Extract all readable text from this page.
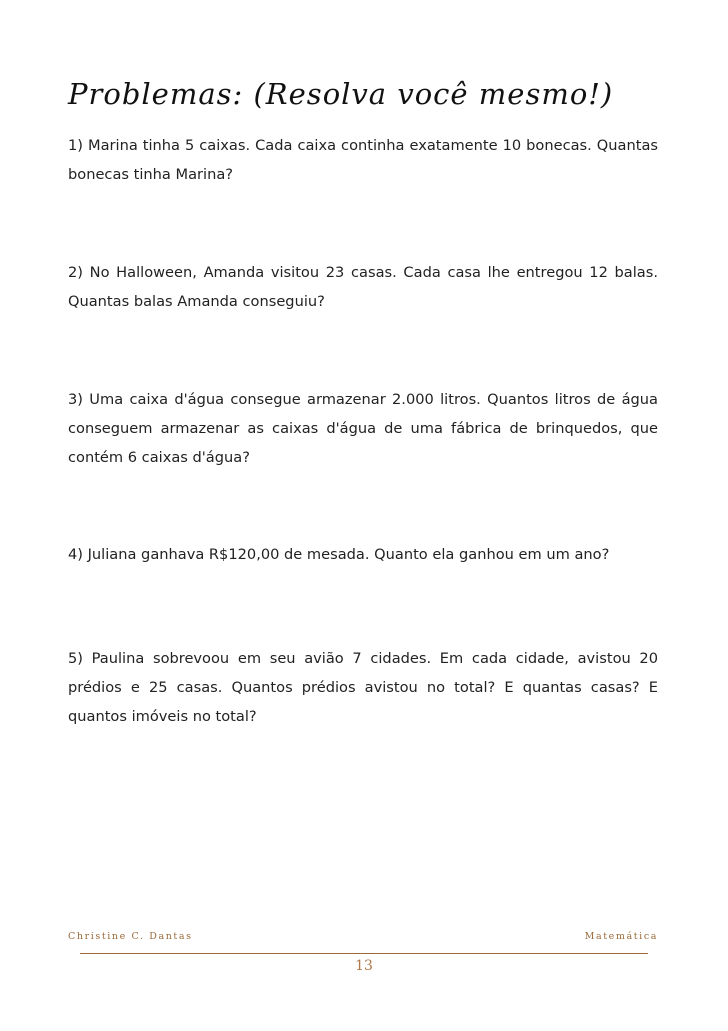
Problemas: (Resolva você mesmo!)

1) Marina tinha 5 caixas. Cada caixa continha exatamente 10 bonecas. Quantas bonecas tinha Marina?

2) No Halloween, Amanda visitou 23 casas. Cada casa lhe entregou 12 balas. Quantas balas Amanda conseguiu?

3) Uma caixa d'água consegue armazenar 2.000 litros. Quantos litros de água conseguem armazenar as caixas d'água de uma fábrica de brinquedos, que contém 6 caixas d'água?

4) Juliana ganhava R$120,00 de mesada. Quanto ela ganhou em um ano?

5) Paulina sobrevoou em seu avião 7 cidades. Em cada cidade, avistou 20 prédios e 25 casas. Quantos prédios avistou no total? E quantas casas? E quantos imóveis no total?

Christine C. Dantas	Matemática
13
